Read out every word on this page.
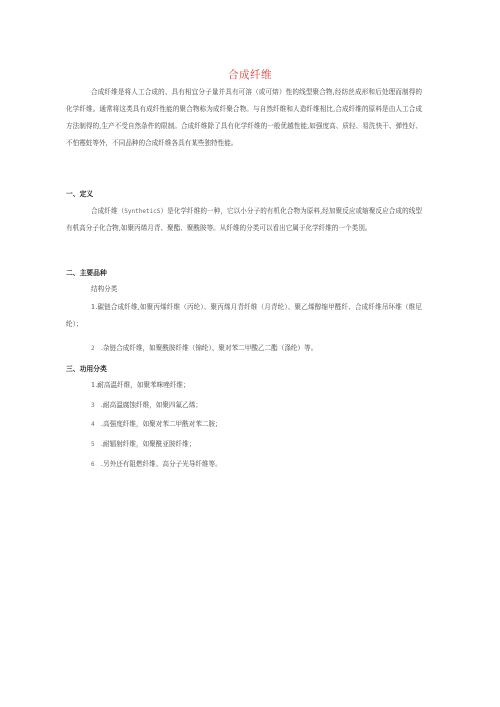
合成纤维

合成纤维是将人工合成的、具有相宜分子量并具有可溶（或可熔）性的线型聚合物,经纺丝成形和后处理而制得的化学纤维。通常将这类具有成纤性能的聚合物称为成纤聚合物。与自然纤维和人造纤维相比,合成纤维的原料是由人工合成方法制得的,生产不受自然条件的限制。合成纤维除了具有化学纤维的一般优越性能,如强度高、质轻、易洗快干、弹性好、不怕霉蛀等外，不同品种的合成纤维各具有某些独特性能。

一、定义

合成纤维（SyntheticS）是化学纤维的一种，它以小分子的有机化合物为原料,经加聚反应或缩聚反应合成的线型有机高分子化合物,如聚丙烯月青、聚酯、聚酰胺等。从纤维的分类可以看出它属于化学纤维的一个类别。

二、主要品种

结构分类

1.碳链合成纤维,如聚丙烯纤维（丙纶）、聚丙烯月青纤维（月青纶）、聚乙烯醇缩甲醛纤、合成纤维吊环维（维尼纶）；

2 .杂链合成纤维，如聚酰胺纤维（锦纶）、聚对苯二甲酸乙二酯（涤纶）等。

三、功用分类

1.耐高温纤维，如聚苯咪唑纤维；

3 .耐高温腐蚀纤维，如聚四氟乙烯；

4 .高强度纤维，如聚对苯二甲酰对苯二胺；

5 .耐辐射纤维，如聚酰亚胺纤维；

6 .另外还有阻燃纤维、高分子光导纤维等。
